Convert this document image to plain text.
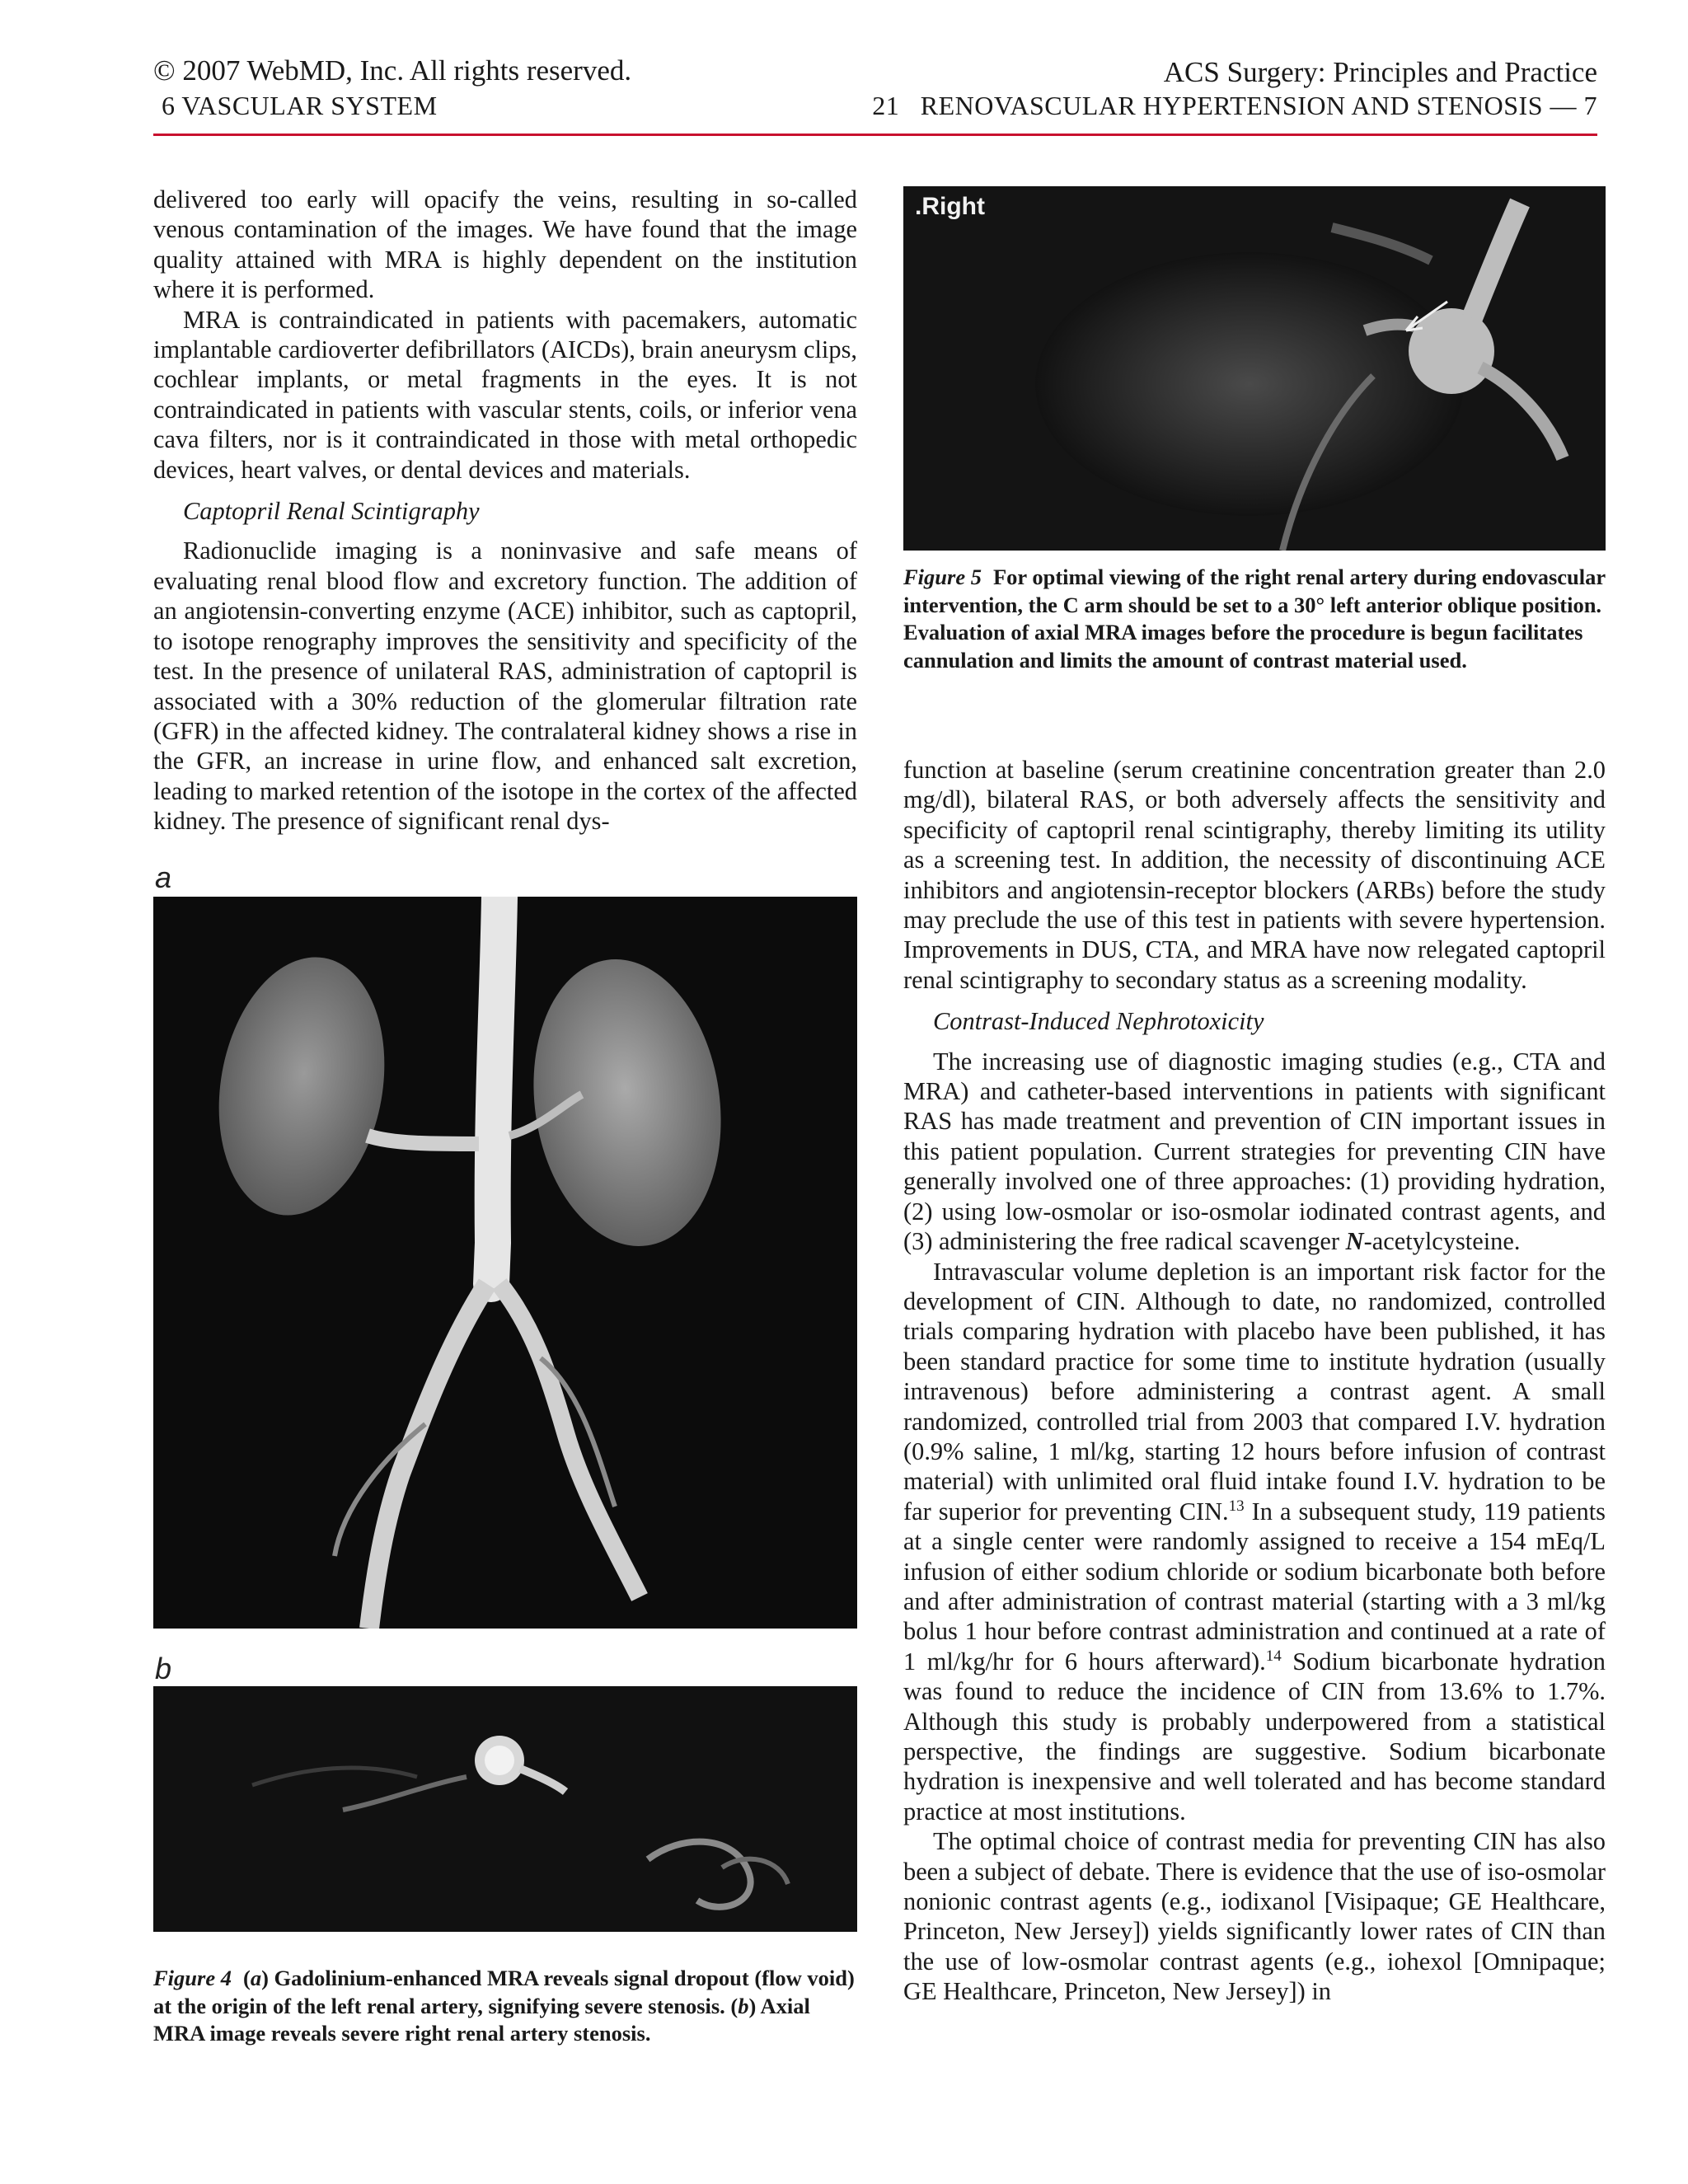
© 2007 WebMD, Inc. All rights reserved.
6 VASCULAR SYSTEM
ACS Surgery: Principles and Practice
21   RENOVASCULAR HYPERTENSION AND STENOSIS — 7

delivered too early will opacify the veins, resulting in so-called venous contamination of the images. We have found that the image quality attained with MRA is highly dependent on the institution where it is performed.

MRA is contraindicated in patients with pacemakers, automatic implantable cardioverter defibrillators (AICDs), brain aneurysm clips, cochlear implants, or metal fragments in the eyes. It is not contraindicated in patients with vascular stents, coils, or inferior vena cava filters, nor is it contraindicated in those with metal orthopedic devices, heart valves, or dental devices and materials.

Captopril Renal Scintigraphy

Radionuclide imaging is a noninvasive and safe means of evaluating renal blood flow and excretory function. The addition of an angiotensin-converting enzyme (ACE) inhibitor, such as captopril, to isotope renography improves the sensitivity and specificity of the test. In the presence of unilateral RAS, administration of captopril is associated with a 30% reduction of the glomerular filtration rate (GFR) in the affected kidney. The contralateral kidney shows a rise in the GFR, an increase in urine flow, and enhanced salt excretion, leading to marked retention of the isotope in the cortex of the affected kidney. The presence of significant renal dys-

a
b
Figure 4 (a) Gadolinium-enhanced MRA reveals signal dropout (flow void) at the origin of the left renal artery, signifying severe stenosis. (b) Axial MRA image reveals severe right renal artery stenosis.
.Right
Figure 5 For optimal viewing of the right renal artery during endovascular intervention, the C arm should be set to a 30° left anterior oblique position. Evaluation of axial MRA images before the procedure is begun facilitates cannulation and limits the amount of contrast material used.

function at baseline (serum creatinine concentration greater than 2.0 mg/dl), bilateral RAS, or both adversely affects the sensitivity and specificity of captopril renal scintigraphy, thereby limiting its utility as a screening test. In addition, the necessity of discontinuing ACE inhibitors and angiotensin-receptor blockers (ARBs) before the study may preclude the use of this test in patients with severe hypertension. Improvements in DUS, CTA, and MRA have now relegated captopril renal scintigraphy to secondary status as a screening modality.

Contrast-Induced Nephrotoxicity

The increasing use of diagnostic imaging studies (e.g., CTA and MRA) and catheter-based interventions in patients with significant RAS has made treatment and prevention of CIN important issues in this patient population. Current strategies for preventing CIN have generally involved one of three approaches: (1) providing hydration, (2) using low-osmolar or iso-osmolar iodinated contrast agents, and (3) administering the free radical scavenger N-acetylcysteine.

Intravascular volume depletion is an important risk factor for the development of CIN. Although to date, no randomized, controlled trials comparing hydration with placebo have been published, it has been standard practice for some time to institute hydration (usually intravenous) before administering a contrast agent. A small randomized, controlled trial from 2003 that compared I.V. hydration (0.9% saline, 1 ml/kg, starting 12 hours before infusion of contrast material) with unlimited oral fluid intake found I.V. hydration to be far superior for preventing CIN.$^{13}$ In a subsequent study, 119 patients at a single center were randomly assigned to receive a 154 mEq/L infusion of either sodium chloride or sodium bicarbonate both before and after administration of contrast material (starting with a 3 ml/kg bolus 1 hour before contrast administration and continued at a rate of 1 ml/kg/hr for 6 hours afterward).$^{14}$ Sodium bicarbonate hydration was found to reduce the incidence of CIN from 13.6% to 1.7%. Although this study is probably underpowered from a statistical perspective, the findings are suggestive. Sodium bicarbonate hydration is inexpensive and well tolerated and has become standard practice at most institutions.

The optimal choice of contrast media for preventing CIN has also been a subject of debate. There is evidence that the use of iso-osmolar nonionic contrast agents (e.g., iodixanol [Visipaque; GE Healthcare, Princeton, New Jersey]) yields significantly lower rates of CIN than the use of low-osmolar contrast agents (e.g., iohexol [Omnipaque; GE Healthcare, Princeton, New Jersey]) in
